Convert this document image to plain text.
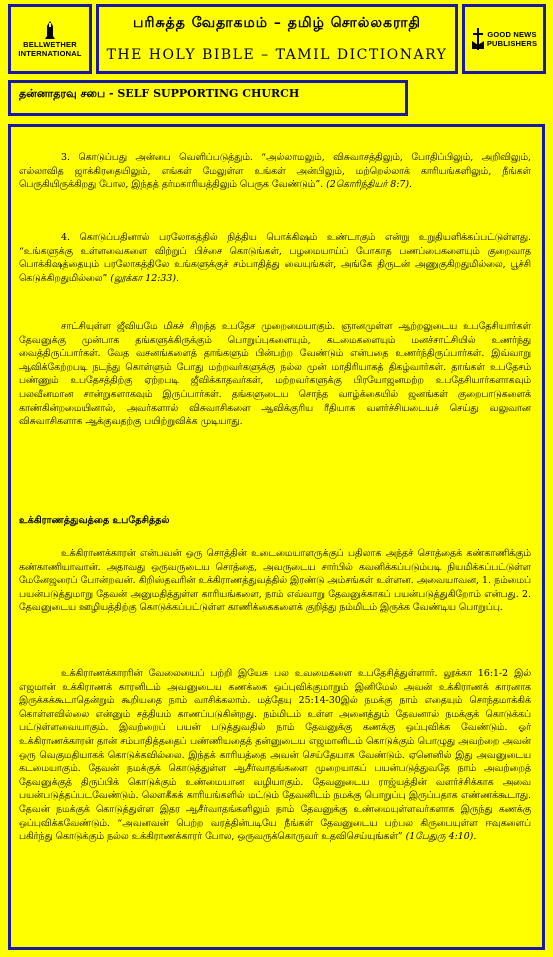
BELLWETHER
INTERNATIONAL
பரிசுத்த வேதாகமம் – தமிழ் சொல்லகராதி
THE HOLY BIBLE – TAMIL DICTIONARY
GOOD NEWS
PUBLISHERS
தன்னாதரவு சபை - SELF SUPPORTING CHURCH
3. கொடுப்பது அன்பை வெளிப்படுத்தும். “அல்லாமலும், விசுவாசத்திலும், போதிப்பிலும், அறிவிலும், எல்லாவித ஜாக்கிரதையிலும், எங்கள் மேலுள்ள உங்கள் அன்பிலும், மற்றெல்லாக் காரியங்களிலும், நீங்கள் பெருகியிருக்கிறது போல, இந்தத் தர்மகாரியத்திலும் பெருக வேண்டும்”. (2கொரிந்தியர் 8:7).
4. கொடுப்பதினால் பரலோகத்தில் நித்திய பொக்கிஷம் உண்டாகும் என்று உறுதியளிக்கப்பட்டுள்ளது. “உங்களுக்கு உள்ளவைகளை விற்றுப் பிச்சை கொடுங்கள், பழமையாய்ப் போகாத பணப்பைகளையும் குறைவாத பொக்கிஷத்தையும் பரலோகத்திலே உங்களுக்குச் சம்பாதித்து வையுங்கள், அங்கே திருடன் அணுகுகிறதுமில்லை, பூச்சி கெடுக்கிறதுமில்லை” (லூக்கா 12:33).
சாட்சியுள்ள ஜீவியமே மிகச் சிறந்த உபதேச முறைமையாகும். ஞானமுள்ள ஆற்றலுடைய உபதேசியார்கள் தேவனுக்கு முன்பாக தங்களுக்கிருக்கும் பொறுப்புகளையும், கடமைகளையும் மனச்சாட்சியில் உணர்ந்து வைத்திருப்பார்கள். வேத வசனங்களைத் தாங்களும் பின்பற்ற வேண்டும் என்பதை உணர்ந்திருப்பார்கள். இவ்வாறு ஆவிக்கேற்றபடி நடந்து கொள்ளும் போது மற்றவர்களுக்கு நல்ல முன் மாதிரியாகத் திகழ்வார்கள். தாங்கள் உபதேசம் பண்ணும் உபதேசத்திற்கு ஏற்றபடி ஜீவிக்காதவர்கள், மற்றவர்களுக்கு பிரயோஜனமற்ற உபதேசியார்களாகவும் பலவீனமான சான்றுகளாகவும் இருப்பார்கள். தங்களுடைய சொந்த வாழ்க்கையில் ஜனங்கள் குறைபாடுகளைக் காண்கின்றமையினால், அவர்களால் விசுவாசிகளை ஆவிக்குரிய ரீதியாக வளர்ச்சியடையச் செய்து வலுவான விசுவாசிகளாக ஆக்குவதற்கு பயிற்றுவிக்க முடியாது.
உக்கிராணத்துவத்தை உபதேசித்தல்
உக்கிராணக்காரன் என்பவன் ஒரு சொத்தின் உடைமையாளருக்குப் பதிலாக அந்தச் சொத்தைக் கண்காணிக்கும் கண்காணியாவான். அதாவது ஒருவருடைய சொத்தை, அவருடைய சார்பில் கவனிக்கப்படும்படி நியமிக்கப்பட்டுள்ள மேனேஜரைப் போன்றவன். கிறிஸ்தவரின் உக்கிராணத்துவத்தில் இரண்டு அம்சங்கள் உள்ளன. அவையாவன, 1. நம்மைப் பயன்படுத்துமாறு தேவன் அனுமதித்துள்ள காரியங்களை, நாம் எவ்வாறு தேவனுக்காகப் பயன்படுத்துகிறோம் என்பது. 2. தேவனுடைய ஊழியத்திற்கு கொடுக்கப்பட்டுள்ள காணிக்கைகளைக் குறித்து நம்மிடம் இருக்க வேண்டிய பொறுப்பு.
உக்கிராணக்காரரின் வேலையைப் பற்றி இயேசு பல உவமைகளை உபதேசித்துள்ளார். லூக்கா 16:1-2 இல் எஜமான் உக்கிராணக் காரனிடம் அவனுடைய கணக்கை ஒப்புவிக்குமாறும் இனிமேல் அவன் உக்கிராணக் காரனாக இருக்கக்கூடாதென்றும் கூறியதை நாம் வாசிக்கலாம். மத்தேயு 25:14-30இல் நமக்கு நாம் எதையும் சொந்தமாக்கிக் கொள்ளவில்லை என்னும் சத்தியம் காணப்படுகின்றது. நம்மிடம் உள்ள அனைத்தும் தேவனால் நமக்குக் கொடுக்கப் பட்டுள்ளவையாகும். இவற்றைப் பயன் படுத்துவதில் நாம் தேவனுக்கு கணக்கு ஒப்புவிக்க வேண்டும். ஓர் உக்கிராணக்காரன் தான் சம்பாதித்ததைப் பண்ணியதைத் தன்னுடைய எஜமானிடம் கொடுக்கும் பொழுது அவற்றை அவன் ஒரு வெகுமதியாகக் கொடுக்கவில்லை. இந்தக் காரியத்தை அவன் செய்தேயாக வேண்டும். ஏனெனில் இது அவனுடைய கடமையாகும். தேவன் நமக்குக் கொடுத்துள்ள ஆசீர்வாதங்களை முறையாகப் பயன்படுத்துவதே நாம் அவற்றைத் தேவனுக்குத் திருப்பிக் கொடுக்கும் உண்மையான வழியாகும். தேவனுடைய ராஜ்யத்தின் வளர்ச்சிக்காக அவை பயன்படுத்தப்படவேண்டும். லௌகீகக் காரியங்களில் மட்டும் தேவனிடம் நமக்கு பொறுப்பு இருப்பதாக எண்ணக்கூடாது. தேவன் நமக்குக் கொடுத்துள்ள இதர ஆசீர்வாதங்களிலும் நாம் தேவனுக்கு உண்மையுள்ளவர்களாக இருந்து கணக்கு ஒப்புவிக்கவேண்டும். “அவனவன் பெற்ற வரத்தின்படியே நீங்கள் தேவனுடைய பற்பல கிருபையுள்ள ஈவுகளைப் பகிர்ந்து கொடுக்கும் நல்ல உக்கிராணக்காரர் போல, ஒருவருக்கொருவர் உதவிசெய்யுங்கள்” (1பேதுரு 4:10).
